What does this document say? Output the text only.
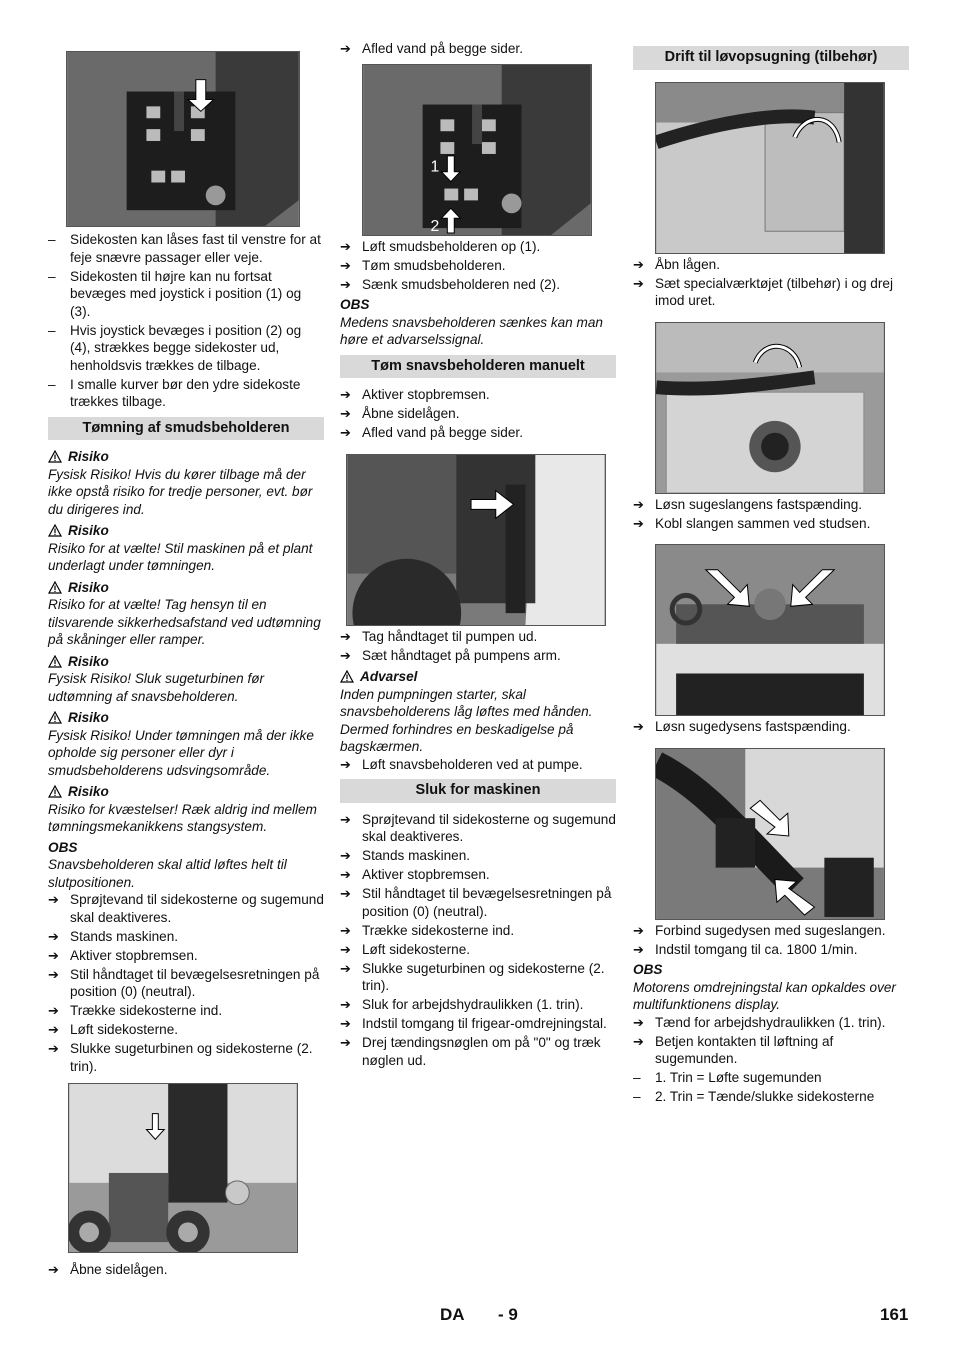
– Sidekosten kan låses fast til venstre for at feje snævre passager eller veje.
– Sidekosten til højre kan nu fortsat bevæges med joystick i position (1) og (3).
– Hvis joystick bevæges i position (2) og (4), strækkes begge sidekoster ud, henholdsvis trækkes de tilbage.
– I smalle kurver bør den ydre sidekoste trækkes tilbage.
Tømning af smudsbeholderen
Risiko
Fysisk Risiko! Hvis du kører tilbage må der ikke opstå risiko for tredje personer, evt. bør du dirigeres ind.
Risiko
Risiko for at vælte! Stil maskinen på et plant underlagt under tømningen.
Risiko
Risiko for at vælte! Tag hensyn til en tilsvarende sikkerhedsafstand ved udtømning på skåninger eller ramper.
Risiko
Fysisk Risiko! Sluk sugeturbinen før udtømning af snavsbeholderen.
Risiko
Fysisk Risiko! Under tømningen må der ikke opholde sig personer eller dyr i smudsbeholderens udsvingsområde.
Risiko
Risiko for kvæstelser! Ræk aldrig ind mellem tømningsmekanikkens stangsystem.
OBS
Snavsbeholderen skal altid løftes helt til slutpositionen.
➔ Sprøjtevand til sidekosterne og sugemund skal deaktiveres.
➔ Stands maskinen.
➔ Aktiver stopbremsen.
➔ Stil håndtaget til bevægelsesretningen på position (0) (neutral).
➔ Trække sidekosterne ind.
➔ Løft sidekosterne.
➔ Slukke sugeturbinen og sidekosterne (2. trin).
➔ Åbne sidelågen.
➔ Afled vand på begge sider.
1
2
➔ Løft smudsbeholderen op (1).
➔ Tøm smudsbeholderen.
➔ Sænk smudsbeholderen ned (2).
OBS
Medens snavsbeholderen sænkes kan man høre et advarselssignal.
Tøm snavsbeholderen manuelt
➔ Aktiver stopbremsen.
➔ Åbne sidelågen.
➔ Afled vand på begge sider.
➔ Tag håndtaget til pumpen ud.
➔ Sæt håndtaget på pumpens arm.
Advarsel
Inden pumpningen starter, skal snavsbeholderens låg løftes med hånden. Dermed forhindres en beskadigelse på bagskærmen.
➔ Løft snavsbeholderen ved at pumpe.
Sluk for maskinen
➔ Sprøjtevand til sidekosterne og sugemund skal deaktiveres.
➔ Stands maskinen.
➔ Aktiver stopbremsen.
➔ Stil håndtaget til bevægelsesretningen på position (0) (neutral).
➔ Trække sidekosterne ind.
➔ Løft sidekosterne.
➔ Slukke sugeturbinen og sidekosterne (2. trin).
➔ Sluk for arbejdshydraulikken (1. trin).
➔ Indstil tomgang til frigear-omdrejningstal.
➔ Drej tændingsnøglen om på "0" og træk nøglen ud.
Drift til løvopsugning (tilbehør)
➔ Åbn lågen.
➔ Sæt specialværktøjet (tilbehør) i og drej imod uret.
➔ Løsn sugeslangens fastspænding.
➔ Kobl slangen sammen ved studsen.
➔ Løsn sugedysens fastspænding.
➔ Forbind sugedysen med sugeslangen.
➔ Indstil tomgang til ca. 1800 1/min.
OBS
Motorens omdrejningstal kan opkaldes over multifunktionens display.
➔ Tænd for arbejdshydraulikken (1. trin).
➔ Betjen kontakten til løftning af sugemunden.
– 1. Trin = Løfte sugemunden
– 2. Trin = Tænde/slukke sidekosterne
DA - 9	161
